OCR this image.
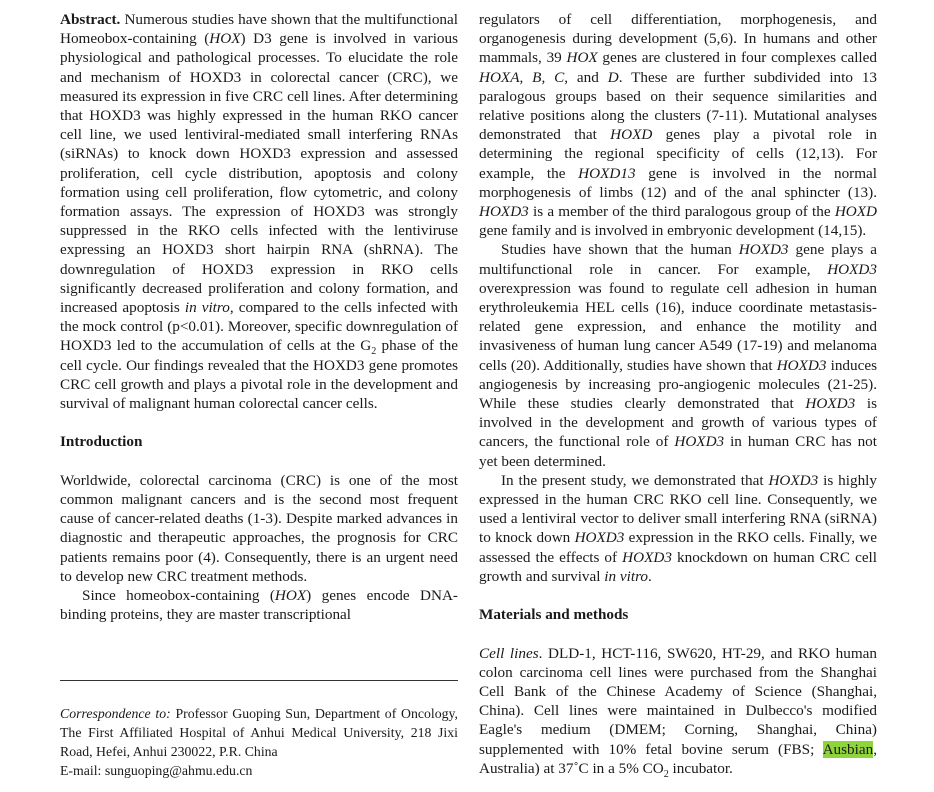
Abstract. Numerous studies have shown that the multifunctional Homeobox-containing (HOX) D3 gene is involved in various physiological and pathological processes. To elucidate the role and mechanism of HOXD3 in colorectal cancer (CRC), we measured its expression in five CRC cell lines. After determining that HOXD3 was highly expressed in the human RKO cancer cell line, we used lentiviral-mediated small interfering RNAs (siRNAs) to knock down HOXD3 expression and assessed proliferation, cell cycle distribution, apoptosis and colony formation using cell proliferation, flow cytometric, and colony formation assays. The expression of HOXD3 was strongly suppressed in the RKO cells infected with the lentiviruse expressing an HOXD3 short hairpin RNA (shRNA). The downregulation of HOXD3 expression in RKO cells significantly decreased proliferation and colony formation, and increased apoptosis in vitro, compared to the cells infected with the mock control (p<0.01). Moreover, specific downregulation of HOXD3 led to the accumulation of cells at the $G_2$ phase of the cell cycle. Our findings revealed that the HOXD3 gene promotes CRC cell growth and plays a pivotal role in the development and survival of malignant human colorectal cancer cells.

Introduction

Worldwide, colorectal carcinoma (CRC) is one of the most common malignant cancers and is the second most frequent cause of cancer-related deaths (1-3). Despite marked advances in diagnostic and therapeutic approaches, the prognosis for CRC patients remains poor (4). Consequently, there is an urgent need to develop new CRC treatment methods.

Since homeobox-containing (HOX) genes encode DNA-binding proteins, they are master transcriptional

Correspondence to: Professor Guoping Sun, Department of Oncology, The First Affiliated Hospital of Anhui Medical University, 218 Jixi Road, Hefei, Anhui 230022, P.R. China
E-mail: sunguoping@ahmu.edu.cn

regulators of cell differentiation, morphogenesis, and organogenesis during development (5,6). In humans and other mammals, 39 HOX genes are clustered in four complexes called HOXA, B, C, and D. These are further subdivided into 13 paralogous groups based on their sequence similarities and relative positions along the clusters (7-11). Mutational analyses demonstrated that HOXD genes play a pivotal role in determining the regional specificity of cells (12,13). For example, the HOXD13 gene is involved in the normal morphogenesis of limbs (12) and of the anal sphincter (13). HOXD3 is a member of the third paralogous group of the HOXD gene family and is involved in embryonic development (14,15).

Studies have shown that the human HOXD3 gene plays a multifunctional role in cancer. For example, HOXD3 overexpression was found to regulate cell adhesion in human erythroleukemia HEL cells (16), induce coordinate metastasis-related gene expression, and enhance the motility and invasiveness of human lung cancer A549 (17-19) and melanoma cells (20). Additionally, studies have shown that HOXD3 induces angiogenesis by increasing pro-angiogenic molecules (21-25). While these studies clearly demonstrated that HOXD3 is involved in the development and growth of various types of cancers, the functional role of HOXD3 in human CRC has not yet been determined.

In the present study, we demonstrated that HOXD3 is highly expressed in the human CRC RKO cell line. Consequently, we used a lentiviral vector to deliver small interfering RNA (siRNA) to knock down HOXD3 expression in the RKO cells. Finally, we assessed the effects of HOXD3 knockdown on human CRC cell growth and survival in vitro.

Materials and methods

Cell lines. DLD-1, HCT-116, SW620, HT-29, and RKO human colon carcinoma cell lines were purchased from the Shanghai Cell Bank of the Chinese Academy of Science (Shanghai, China). Cell lines were maintained in Dulbecco's modified Eagle's medium (DMEM; Corning, Shanghai, China) supplemented with 10% fetal bovine serum (FBS; Ausbian, Australia) at 37˚C in a 5% $CO_2$ incubator.
